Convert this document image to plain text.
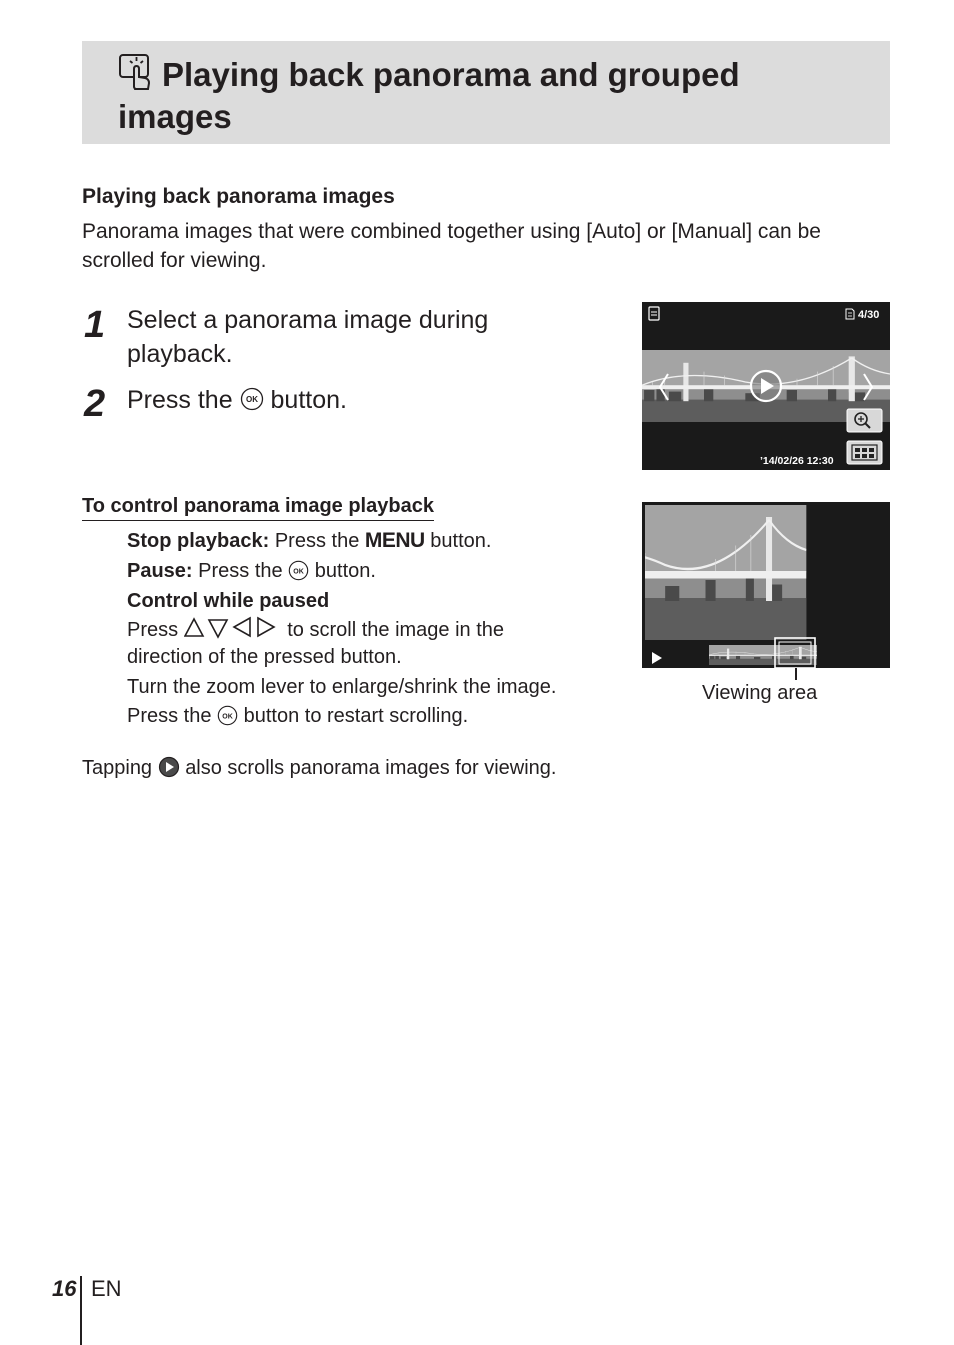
Playing back panorama and grouped images
Playing back panorama images
Panorama images that were combined together using [Auto] or [Manual] can be scrolled for viewing.
1 Select a panorama image during playback.
2 Press the button.
4/30
’14/02/26 12:30
Viewing area
To control panorama image playback
Stop playback: Press the MENU button.
Pause: Press the button.
Control while paused
Press	to scroll the image in the
direction of the pressed button.
Turn the zoom lever to enlarge/shrink the image.
Press the button to restart scrolling.
Tapping also scrolls panorama images for viewing.
16 EN
